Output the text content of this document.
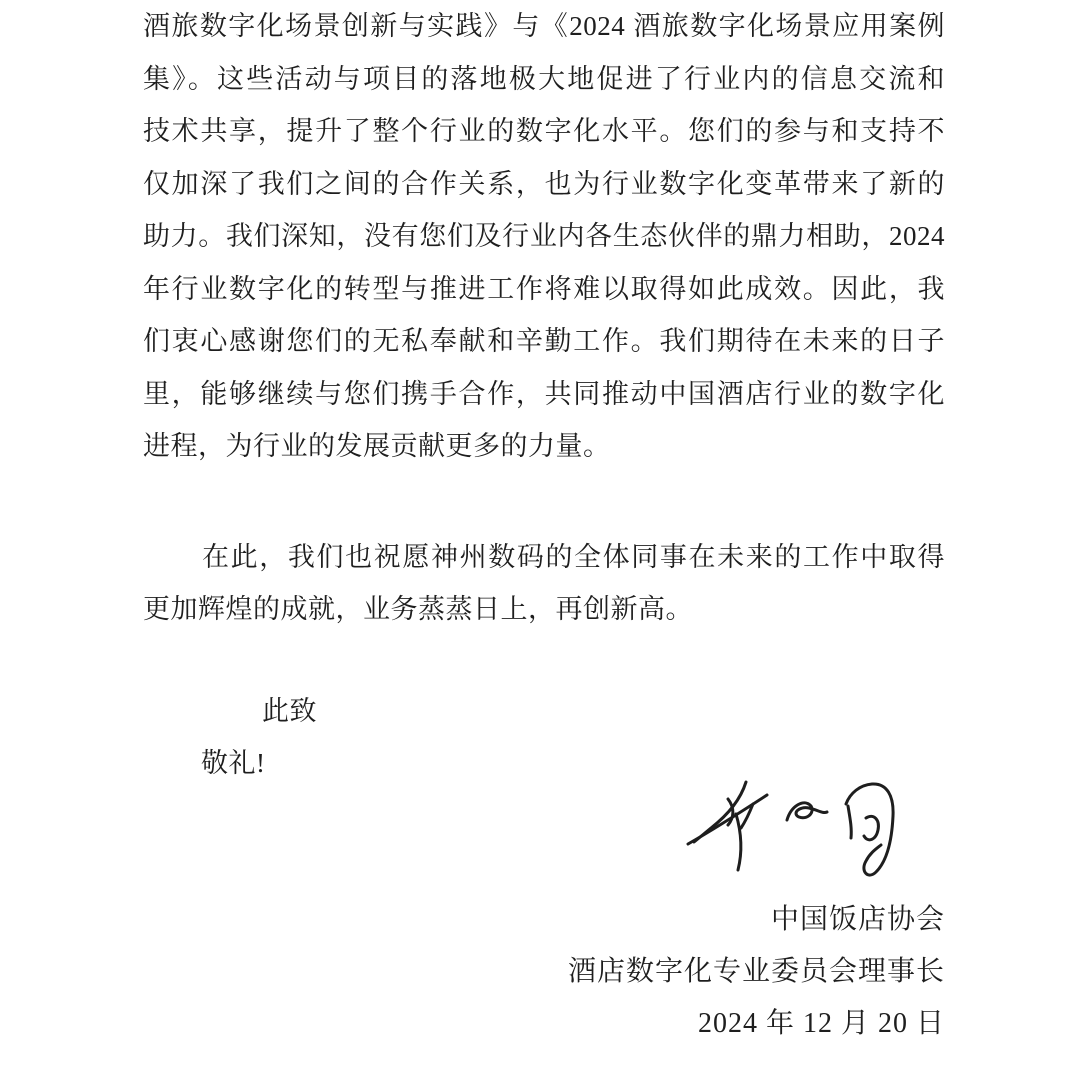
酒旅数字化场景创新与实践》与《2024 酒旅数字化场景应用案例
集》。这些活动与项目的落地极大地促进了行业内的信息交流和
技术共享，提升了整个行业的数字化水平。您们的参与和支持不
仅加深了我们之间的合作关系，也为行业数字化变革带来了新的
助力。我们深知，没有您们及行业内各生态伙伴的鼎力相助，2024
年行业数字化的转型与推进工作将难以取得如此成效。因此，我
们衷心感谢您们的无私奉献和辛勤工作。我们期待在未来的日子
里，能够继续与您们携手合作，共同推动中国酒店行业的数字化
进程，为行业的发展贡献更多的力量。
在此，我们也祝愿神州数码的全体同事在未来的工作中取得
更加辉煌的成就，业务蒸蒸日上，再创新高。
此致
敬礼!
中国饭店协会
酒店数字化专业委员会理事长
2024 年 12 月 20 日
